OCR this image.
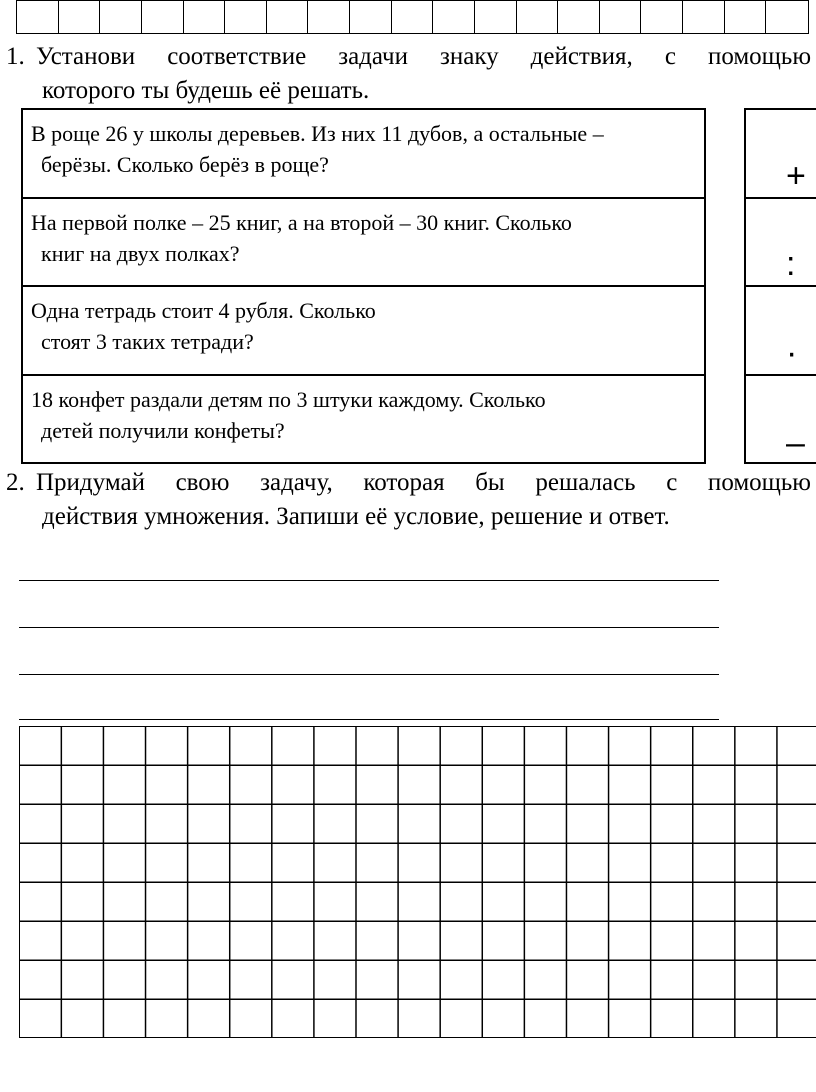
1. Установи соответствие задачи знаку действия, с помощью
которого ты будешь её решать.
В роще 26 у школы деревьев. Из них 11 дубов, а остальные –
берёзы. Сколько берёз в роще?
На первой полке – 25 книг, а на второй – 30 книг. Сколько
книг на двух полках?
Одна тетрадь стоит 4 рубля. Сколько
стоят 3 таких тетради?
18 конфет раздали детям по 3 штуки каждому. Сколько
детей получили конфеты?
+
:
·
–
2. Придумай свою задачу, которая бы решалась с помощью
действия умножения. Запиши её условие, решение и ответ.
